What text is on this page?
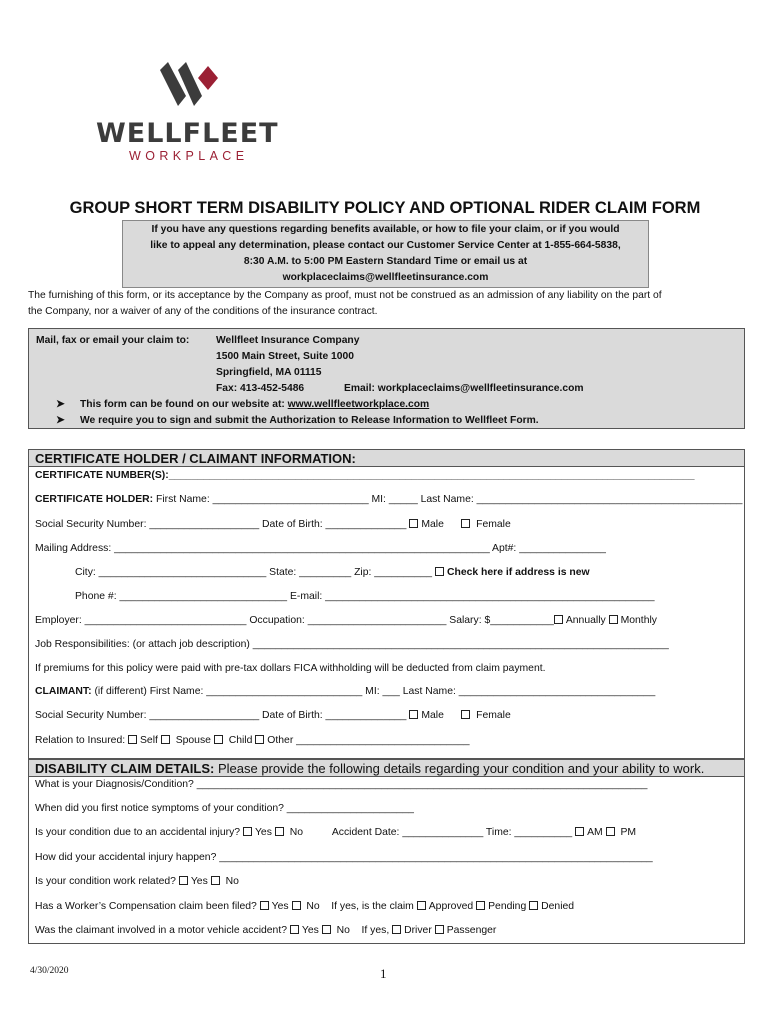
WELLFLEET
WORKPLACE
GROUP SHORT TERM DISABILITY POLICY AND OPTIONAL RIDER CLAIM FORM
If you have any questions regarding benefits available, or how to file your claim, or if you would
like to appeal any determination, please contact our Customer Service Center at 1-855-664-5838,
8:30 A.M. to 5:00 PM Eastern Standard Time or email us at
workplaceclaims@wellfleetinsurance.com
The furnishing of this form, or its acceptance by the Company as proof, must not be construed as an admission of any liability on the part of
the Company, nor a waiver of any of the conditions of the insurance contract.
Mail, fax or email your claim to:	Wellfleet Insurance Company
1500 Main Street, Suite 1000
Springfield, MA 01115
Fax: 413-452-5486	Email: workplaceclaims@wellfleetinsurance.com
➤	This form can be found on our website at: www.wellfleetworkplace.com
➤	We require you to sign and submit the Authorization to Release Information to Wellfleet Form.
CERTIFICATE HOLDER / CLAIMANT INFORMATION:
CERTIFICATE NUMBER(S):___________________________________________________________________________________________
CERTIFICATE HOLDER: First Name: ___________________________ MI: _____ Last Name: ______________________________________________
Social Security Number: ___________________ Date of Birth: ______________ Male	Female
Mailing Address: _________________________________________________________________ Apt#: _______________
City: _____________________________ State: _________ Zip: __________ Check here if address is new
Phone #: _____________________________ E-mail: _________________________________________________________
Employer: ____________________________ Occupation: ________________________ Salary: $___________ Annually Monthly
Job Responsibilities: (or attach job description) ________________________________________________________________________
If premiums for this policy were paid with pre-tax dollars FICA withholding will be deducted from claim payment.
CLAIMANT: (if different) First Name: ___________________________ MI: ___ Last Name: __________________________________
Social Security Number: ___________________ Date of Birth: ______________ Male	Female
Relation to Insured: Self Spouse Child Other ______________________________
DISABILITY CLAIM DETAILS: Please provide the following details regarding your condition and your ability to work.
What is your Diagnosis/Condition? ______________________________________________________________________________
When did you first notice symptoms of your condition? ______________________
Is your condition due to an accidental injury? Yes No	Accident Date: ______________ Time: __________ AM PM
How did your accidental injury happen? ___________________________________________________________________________
Is your condition work related? Yes No
Has a Worker’s Compensation claim been filed? Yes No If yes, is the claim Approved Pending Denied
Was the claimant involved in a motor vehicle accident? Yes No If yes, Driver Passenger
4/30/2020	1
